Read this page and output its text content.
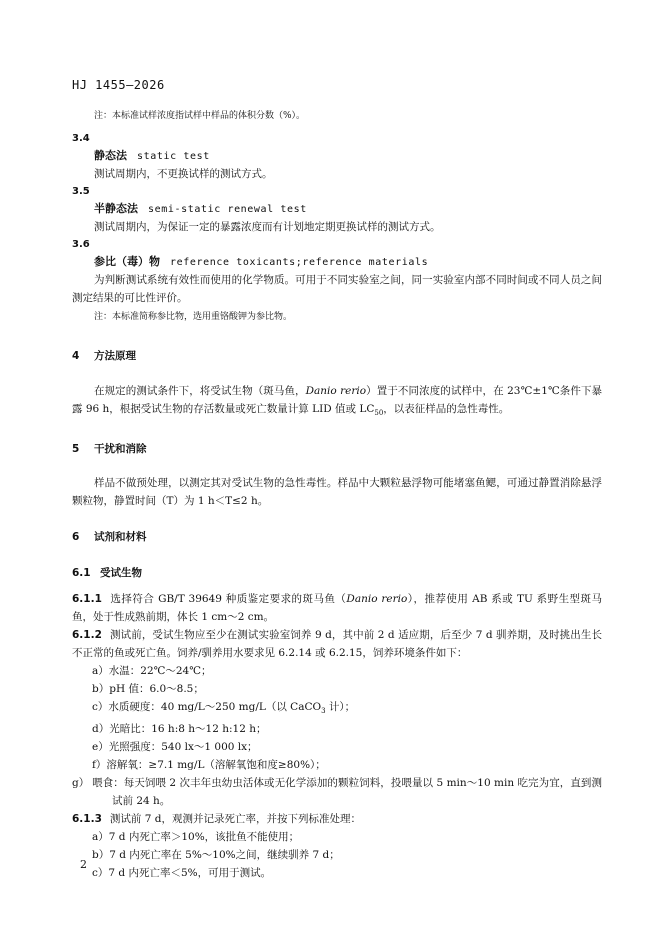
HJ 1455—2026

注：本标准试样浓度指试样中样品的体积分数（%）。

3.4

静态法 static test

测试周期内，不更换试样的测试方式。

3.5

半静态法 semi-static renewal test

测试周期内，为保证一定的暴露浓度而有计划地定期更换试样的测试方式。

3.6

参比（毒）物 reference toxicants;reference materials

为判断测试系统有效性而使用的化学物质。可用于不同实验室之间，同一实验室内部不同时间或不同人员之间测定结果的可比性评价。

注：本标准简称参比物，选用重铬酸钾为参比物。

4 方法原理

在规定的测试条件下，将受试生物（斑马鱼，Danio rerio）置于不同浓度的试样中，在 23℃±1℃条件下暴露 96 h，根据受试生物的存活数量或死亡数量计算 LID 值或 $LC_{50}$，以表征样品的急性毒性。

5 干扰和消除

样品不做预处理，以测定其对受试生物的急性毒性。样品中大颗粒悬浮物可能堵塞鱼鳃，可通过静置消除悬浮颗粒物，静置时间（T）为 1 h＜T≤2 h。

6 试剂和材料

6.1 受试生物

6.1.1 选择符合 GB/T 39649 种质鉴定要求的斑马鱼（Danio rerio），推荐使用 AB 系或 TU 系野生型斑马鱼，处于性成熟前期，体长 1 cm～2 cm。

6.1.2 测试前，受试生物应至少在测试实验室饲养 9 d，其中前 2 d 适应期，后至少 7 d 驯养期，及时挑出生长不正常的鱼或死亡鱼。饲养/驯养用水要求见 6.2.14 或 6.2.15，饲养环境条件如下：

a）水温：22℃～24℃；
b）pH 值：6.0～8.5；
c）水质硬度：40 mg/L～250 mg/L（以 CaCO$_3$ 计）；
d）光暗比：16 h:8 h～12 h:12 h；
e）光照强度：540 lx～1 000 lx；
f）溶解氧：≥7.1 mg/L（溶解氧饱和度≥80%）；
g） 喂食：每天饲喂 2 次丰年虫幼虫活体或无化学添加的颗粒饲料，投喂量以 5 min～10 min 吃完为宜，直到测试前 24 h。

6.1.3 测试前 7 d，观测并记录死亡率，并按下列标准处理：

a）7 d 内死亡率＞10%，该批鱼不能使用；
b）7 d 内死亡率在 5%～10%之间，继续驯养 7 d；
c）7 d 内死亡率＜5%，可用于测试。
2
